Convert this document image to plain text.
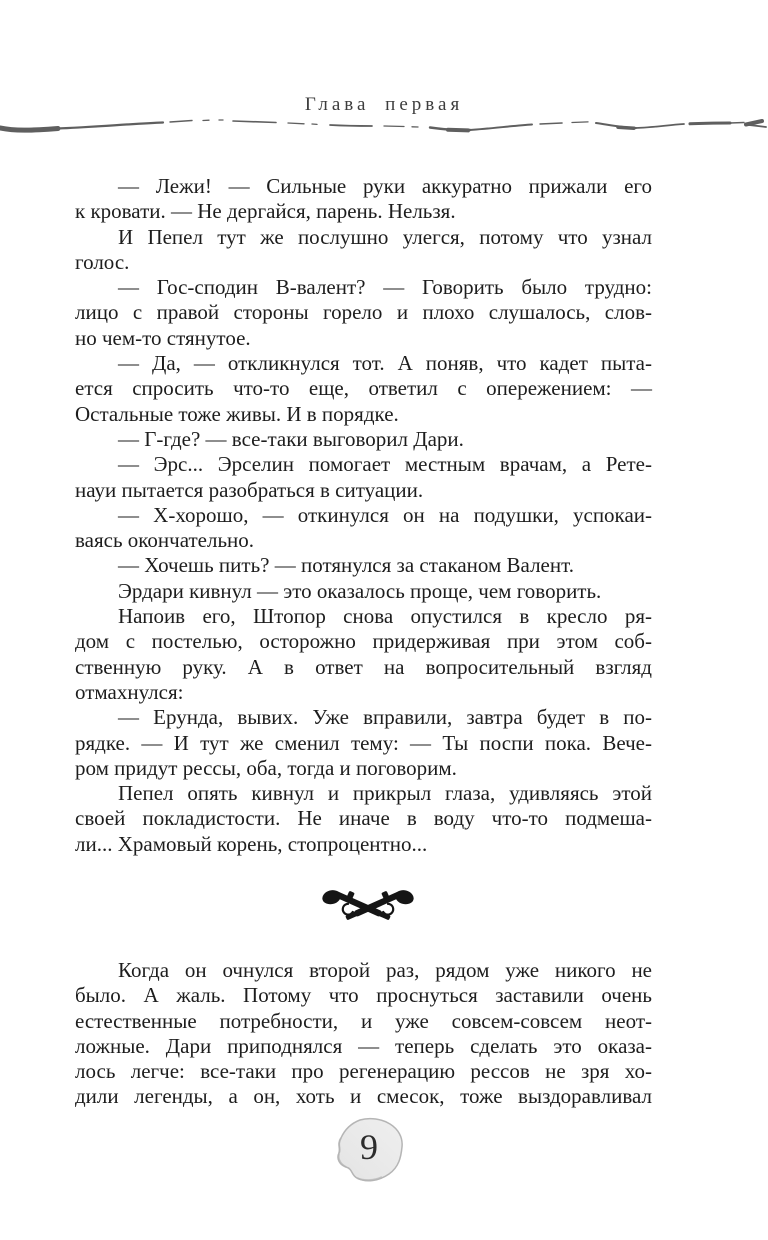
Глава первая
— Лежи! — Сильные руки аккуратно прижали его
к кровати. — Не дергайся, парень. Нельзя.
И Пепел тут же послушно улегся, потому что узнал
голос.
— Гос-сподин В-валент? — Говорить было трудно:
лицо с правой стороны горело и плохо слушалось, слов-
но чем-то стянутое.
— Да, — откликнулся тот. А поняв, что кадет пыта-
ется спросить что-то еще, ответил с опережением: —
Остальные тоже живы. И в порядке.
— Г-где? — все-таки выговорил Дари.
— Эрс... Эрселин помогает местным врачам, а Рете-
науи пытается разобраться в ситуации.
— Х-хорошо, — откинулся он на подушки, успокаи-
ваясь окончательно.
— Хочешь пить? — потянулся за стаканом Валент.
Эрдари кивнул — это оказалось проще, чем говорить.
Напоив его, Штопор снова опустился в кресло ря-
дом с постелью, осторожно придерживая при этом соб-
ственную руку. А в ответ на вопросительный взгляд
отмахнулся:
— Ерунда, вывих. Уже вправили, завтра будет в по-
рядке. — И тут же сменил тему: — Ты поспи пока. Вече-
ром придут рессы, оба, тогда и поговорим.
Пепел опять кивнул и прикрыл глаза, удивляясь этой
своей покладистости. Не иначе в воду что-то подмеша-
ли... Храмовый корень, стопроцентно...
Когда он очнулся второй раз, рядом уже никого не
было. А жаль. Потому что проснуться заставили очень
естественные потребности, и уже совсем-совсем неот-
ложные. Дари приподнялся — теперь сделать это оказа-
лось легче: все-таки про регенерацию рессов не зря хо-
дили легенды, а он, хоть и смесок, тоже выздоравливал
9
